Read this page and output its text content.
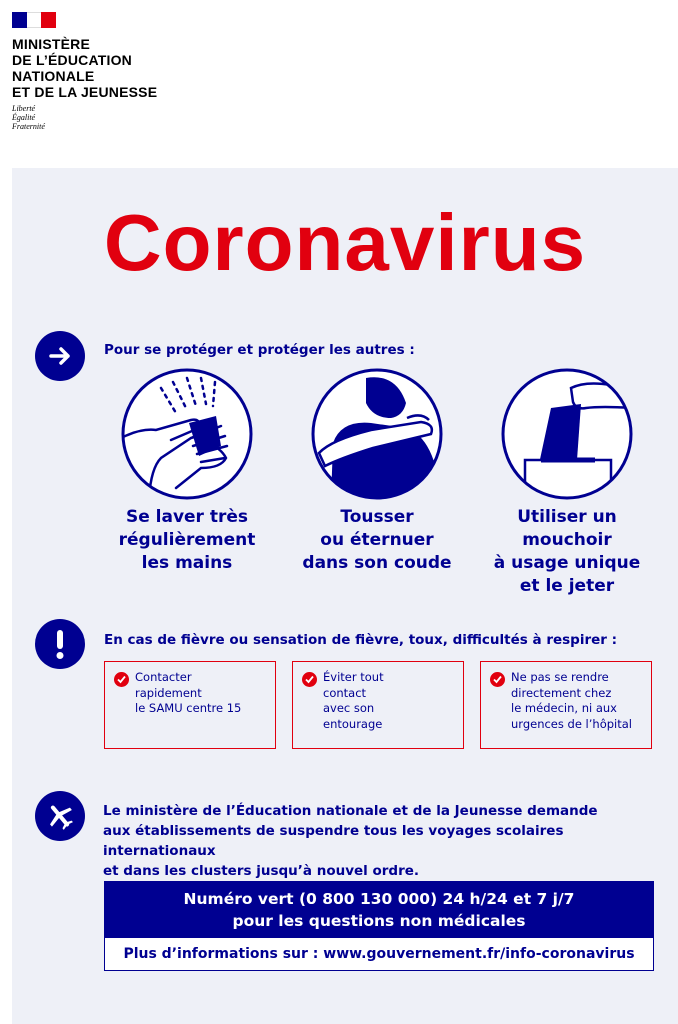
MINISTÈRE
DE L’ÉDUCATION
NATIONALE
ET DE LA JEUNESSE
Liberté
Égalité
Fraternité
Coronavirus
Pour se protéger et protéger les autres :
Se laver très
régulièrement
les mains
Tousser
ou éternuer
dans son coude
Utiliser un
mouchoir
à usage unique
et le jeter
En cas de fièvre ou sensation de fièvre, toux, difficultés à respirer :
Contacter
rapidement
le SAMU centre 15
Éviter tout
contact
avec son
entourage
Ne pas se rendre
directement chez
le médecin, ni aux
urgences de l’hôpital
Le ministère de l’Éducation nationale et de la Jeunesse demande
aux établissements de suspendre tous les voyages scolaires internationaux
et dans les clusters jusqu’à nouvel ordre.
Numéro vert (0 800 130 000) 24 h/24 et 7 j/7
pour les questions non médicales
Plus d’informations sur : www.gouvernement.fr/info-coronavirus
